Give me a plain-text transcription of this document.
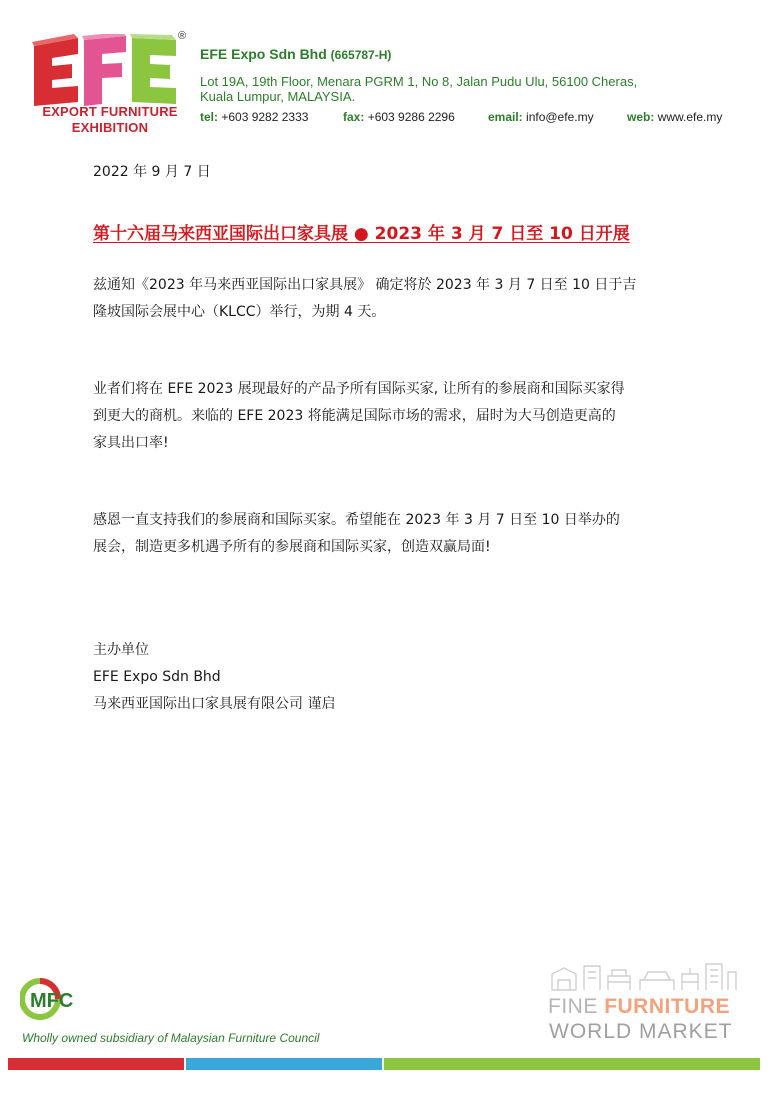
®
EXPORT FURNITURE
EXHIBITION
EFE Expo Sdn Bhd (665787-H)
Lot 19A, 19th Floor, Menara PGRM 1, No 8, Jalan Pudu Ulu, 56100 Cheras,
Kuala Lumpur, MALAYSIA.
tel: +603 9282 2333	fax: +603 9286 2296	email: info@efe.my	web: www.efe.my
2022 年 9 月 7 日
第十六届马来西亚国际出口家具展 ● 2023 年 3 月 7 日至 10 日开展
兹通知《2023 年马来西亚国际出口家具展》 确定将於 2023 年 3 月 7 日至 10 日于吉
隆坡国际会展中心（KLCC）举行，为期 4 天。
业者们将在 EFE 2023 展现最好的产品予所有国际买家, 让所有的参展商和国际买家得
到更大的商机。来临的 EFE 2023 将能满足国际市场的需求，届时为大马创造更高的
家具出口率!
感恩一直支持我们的参展商和国际买家。希望能在 2023 年 3 月 7 日至 10 日举办的
展会，制造更多机遇予所有的参展商和国际买家，创造双赢局面!
主办单位
EFE Expo Sdn Bhd
马来西亚国际出口家具展有限公司 谨启
MFC
Wholly owned subsidiary of Malaysian Furniture Council
FINE FURNITURE
WORLD MARKET
